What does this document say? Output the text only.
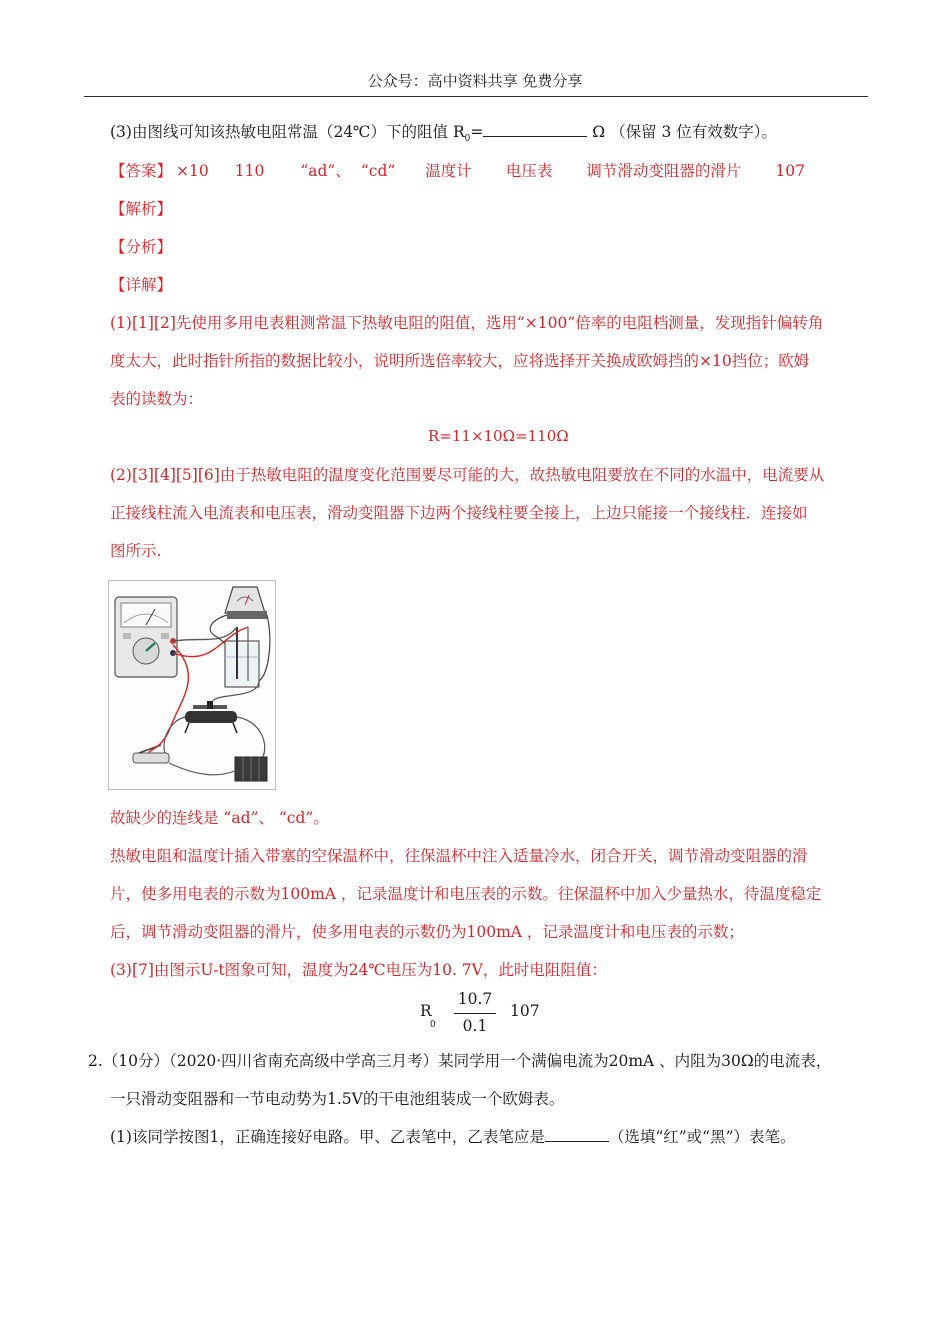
公众号：高中资料共享 免费分享
(3)由图线可知该热敏电阻常温（24℃）下的阻值 $R_0=$	Ω （保留 3 位有效数字）。
【答案】 ×10 110 “ad”、 “cd” 温度计 电压表 调节滑动变阻器的滑片 107
【解析】
【分析】
【详解】
(1)[1][2]先使用多用电表粗测常温下热敏电阻的阻值，选用“×100”倍率的电阻档测量，发现指针偏转角
度太大，此时指针所指的数据比较小，说明所选倍率较大，应将选择开关换成欧姆挡的×10挡位；欧姆
表的读数为：
R=11×10Ω=110Ω
(2)[3][4][5][6]由于热敏电阻的温度变化范围要尽可能的大，故热敏电阻要放在不同的水温中，电流要从
正接线柱流入电流表和电压表，滑动变阻器下边两个接线柱要全接上，上边只能接一个接线柱．连接如
图所示.
故缺少的连线是 “ad”、 “cd”。
热敏电阻和温度计插入带塞的空保温杯中，往保温杯中注入适量冷水，闭合开关，调节滑动变阻器的滑
片，使多用电表的示数为100mA ，记录温度计和电压表的示数。往保温杯中加入少量热水，待温度稳定
后，调节滑动变阻器的滑片，使多用电表的示数仍为100mA ，记录温度计和电压表的示数；
(3)[7]由图示U-t图象可知，温度为24℃电压为10. 7V，此时电阻阻值：
R
0
10.7
0.1
107
2.（10分）（2020·四川省南充高级中学高三月考）某同学用一个满偏电流为20mA 、内阻为30Ω的电流表，
一只滑动变阻器和一节电动势为1.5V的干电池组装成一个欧姆表。
(1)该同学按图1，正确连接好电路。甲、乙表笔中，乙表笔应是	（选填“红”或“黑”）表笔。
